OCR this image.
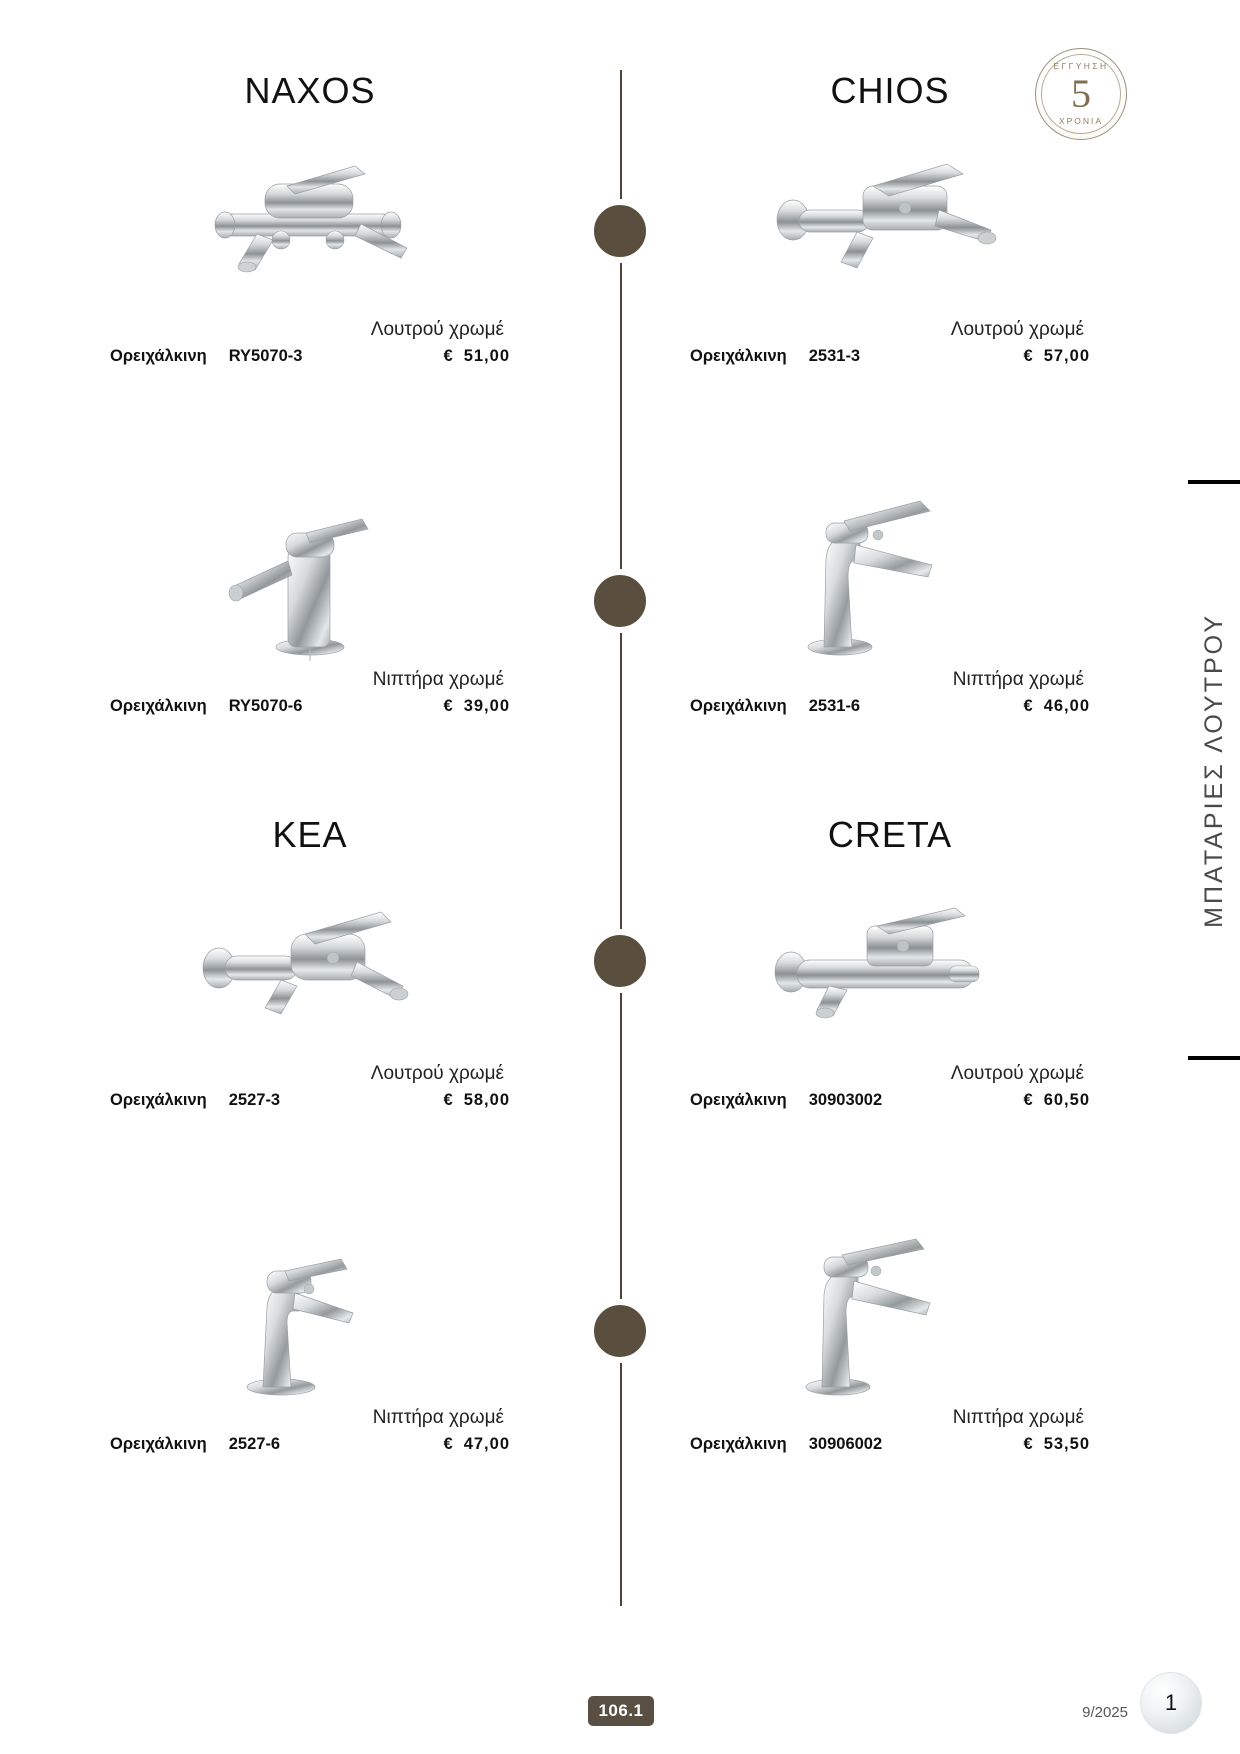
ΕΓΓΥΗΣΗ
5
ΧΡΟΝΙΑ
ΜΠΑΤΑΡΙΕΣ ΛΟΥΤΡΟΥ
NAXOS
Λουτρού χρωμέ
Ορειχάλκινη RY5070-3	€ 51,00
Νιπτήρα χρωμέ
Ορειχάλκινη RY5070-6	€ 39,00
KEA
Λουτρού χρωμέ
Ορειχάλκινη 2527-3	€ 58,00
Νιπτήρα χρωμέ
Ορειχάλκινη 2527-6	€ 47,00
CHIOS
Λουτρού χρωμέ
Ορειχάλκινη 2531-3	€ 57,00
Νιπτήρα χρωμέ
Ορειχάλκινη 2531-6	€ 46,00
CRETA
Λουτρού χρωμέ
Ορειχάλκινη 30903002	€ 60,50
Νιπτήρα χρωμέ
Ορειχάλκινη 30906002	€ 53,50
106.1	9/2025	1
